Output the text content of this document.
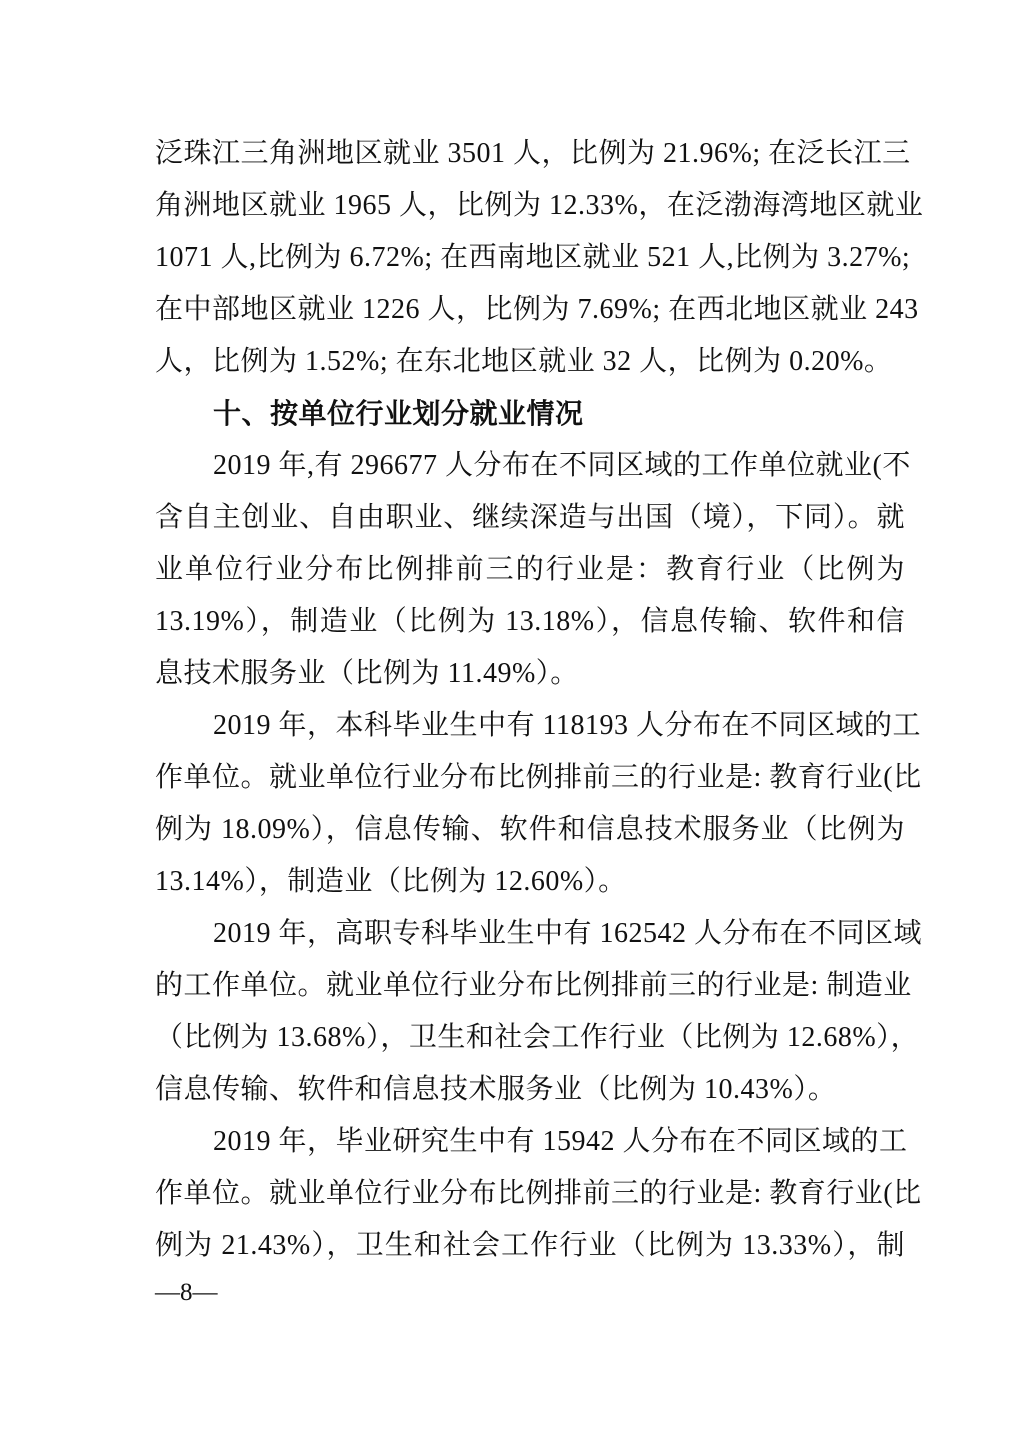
泛珠江三角洲地区就业 3501 人，比例为 21.96%; 在泛长江三
角洲地区就业 1965 人，比例为 12.33%，在泛渤海湾地区就业
1071 人,比例为 6.72%; 在西南地区就业 521 人,比例为 3.27%;
在中部地区就业 1226 人，比例为 7.69%; 在西北地区就业 243
人，比例为 1.52%; 在东北地区就业 32 人，比例为 0.20%。
十、按单位行业划分就业情况
2019 年,有 296677 人分布在不同区域的工作单位就业(不
含自主创业、自由职业、继续深造与出国（境），下同）。就
业单位行业分布比例排前三的行业是：教育行业（比例为
13.19%），制造业（比例为 13.18%），信息传输、软件和信
息技术服务业（比例为 11.49%）。
2019 年，本科毕业生中有 118193 人分布在不同区域的工
作单位。就业单位行业分布比例排前三的行业是: 教育行业(比
例为 18.09%），信息传输、软件和信息技术服务业（比例为
13.14%），制造业（比例为 12.60%）。
2019 年，高职专科毕业生中有 162542 人分布在不同区域
的工作单位。就业单位行业分布比例排前三的行业是: 制造业
（比例为 13.68%），卫生和社会工作行业（比例为 12.68%），
信息传输、软件和信息技术服务业（比例为 10.43%）。
2019 年，毕业研究生中有 15942 人分布在不同区域的工
作单位。就业单位行业分布比例排前三的行业是: 教育行业(比
例为 21.43%），卫生和社会工作行业（比例为 13.33%），制
—8—
